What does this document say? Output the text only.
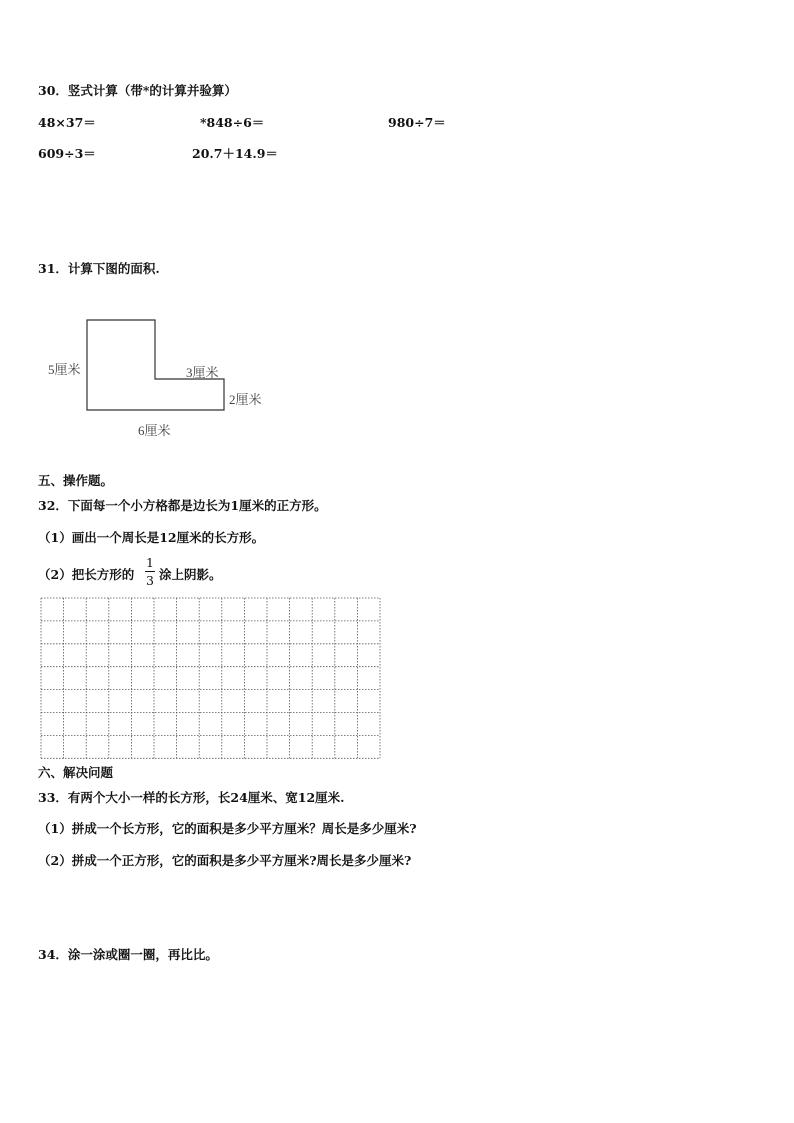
30．竖式计算（带*的计算并验算）
48×37＝	*848÷6＝	980÷7＝
609÷3＝	20.7＋14.9＝
31．计算下图的面积.
5厘米	3厘米
2厘米
6厘米
五、操作题。
32．下面每一个小方格都是边长为1厘米的正方形。
（1）画出一个周长是12厘米的长方形。
（2）把长方形的
1
3 涂上阴影。
六、解决问题
33．有两个大小一样的长方形，长24厘米、宽12厘米.
（1）拼成一个长方形，它的面积是多少平方厘米？周长是多少厘米?
（2）拼成一个正方形，它的面积是多少平方厘米?周长是多少厘米?
34．涂一涂或圈一圈，再比比。
